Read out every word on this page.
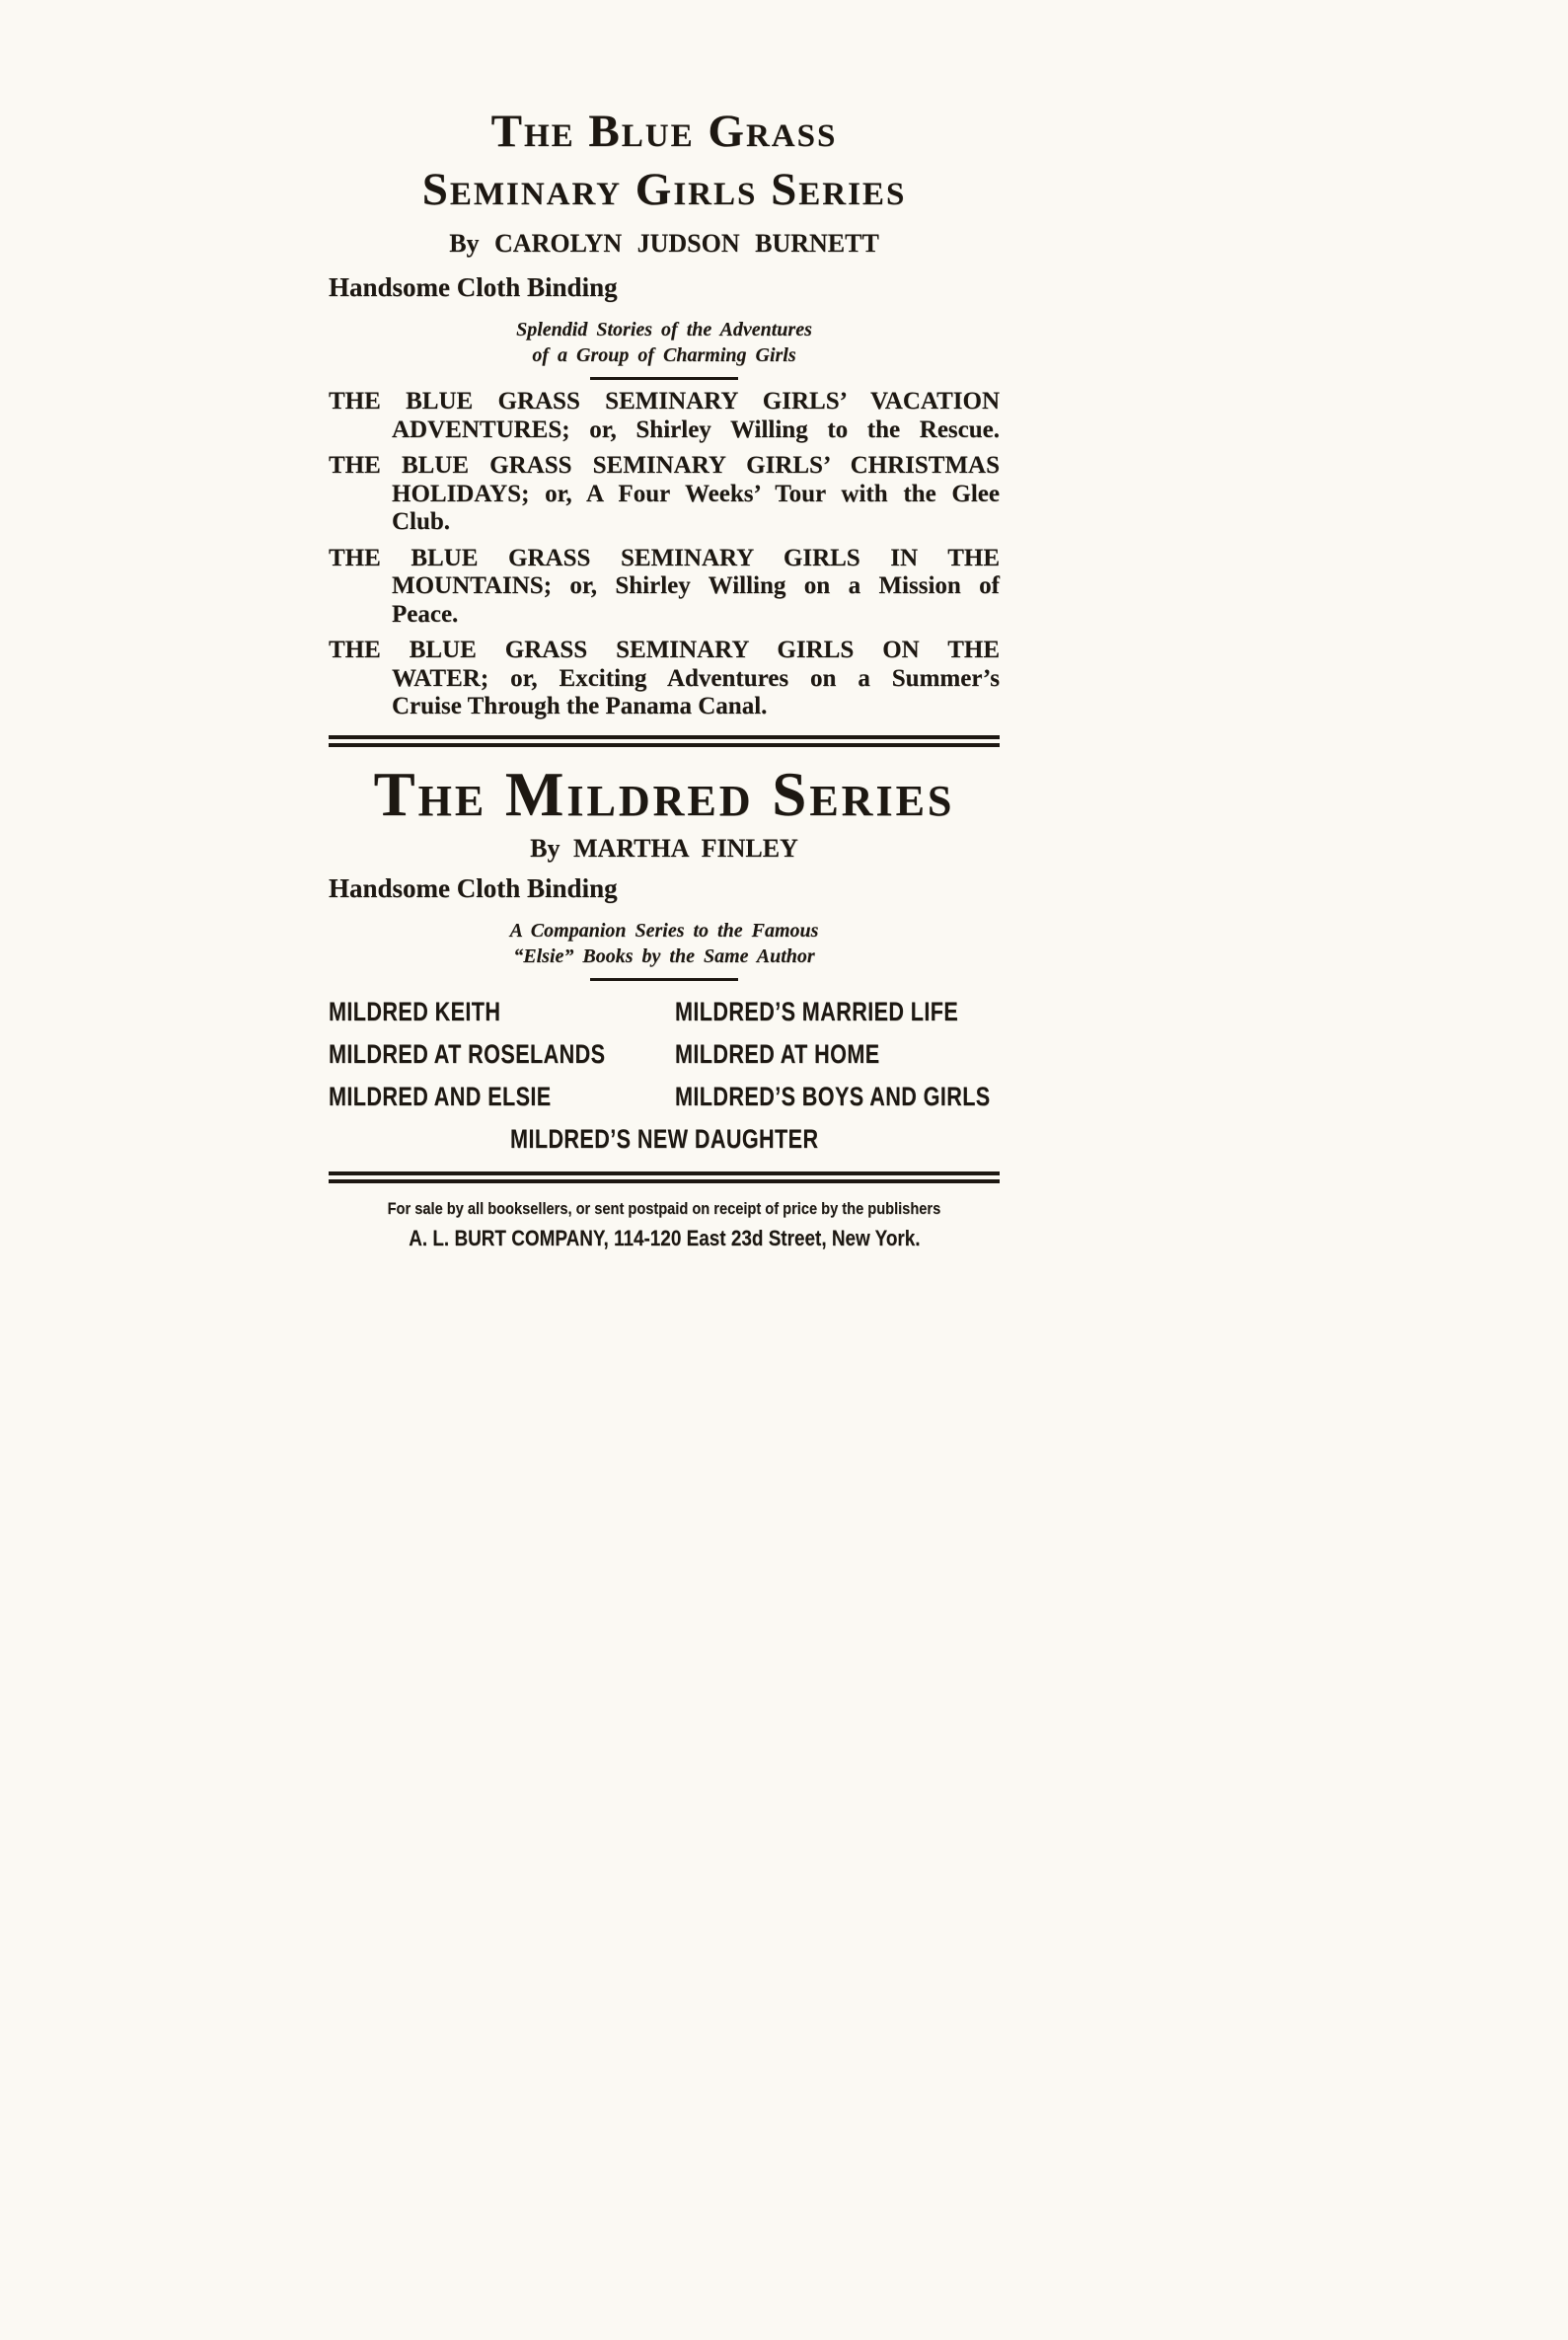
The Blue Grass
Seminary Girls Series

By CAROLYN JUDSON BURNETT

Handsome Cloth Binding

Splendid Stories of the Adventures

of a Group of Charming Girls

THE BLUE GRASS SEMINARY GIRLS’ VACATION
ADVENTURES; or, Shirley Willing to the Rescue.

THE BLUE GRASS SEMINARY GIRLS’ CHRISTMAS
HOLIDAYS; or, A Four Weeks’ Tour with the Glee
Club.

THE BLUE GRASS SEMINARY GIRLS IN THE
MOUNTAINS; or, Shirley Willing on a Mission of
Peace.

THE BLUE GRASS SEMINARY GIRLS ON THE
WATER; or, Exciting Adventures on a Summer’s
Cruise Through the Panama Canal.

The Mildred Series

By MARTHA FINLEY

Handsome Cloth Binding

A Companion Series to the Famous

“Elsie” Books by the Same Author

MILDRED KEITH	MILDRED’S MARRIED LIFE
MILDRED AT ROSELANDS	MILDRED AT HOME
MILDRED AND ELSIE	MILDRED’S BOYS AND GIRLS
MILDRED’S NEW DAUGHTER

For sale by all booksellers, or sent postpaid on receipt of price by the publishers

A. L. BURT COMPANY, 114-120 East 23d Street, New York.
